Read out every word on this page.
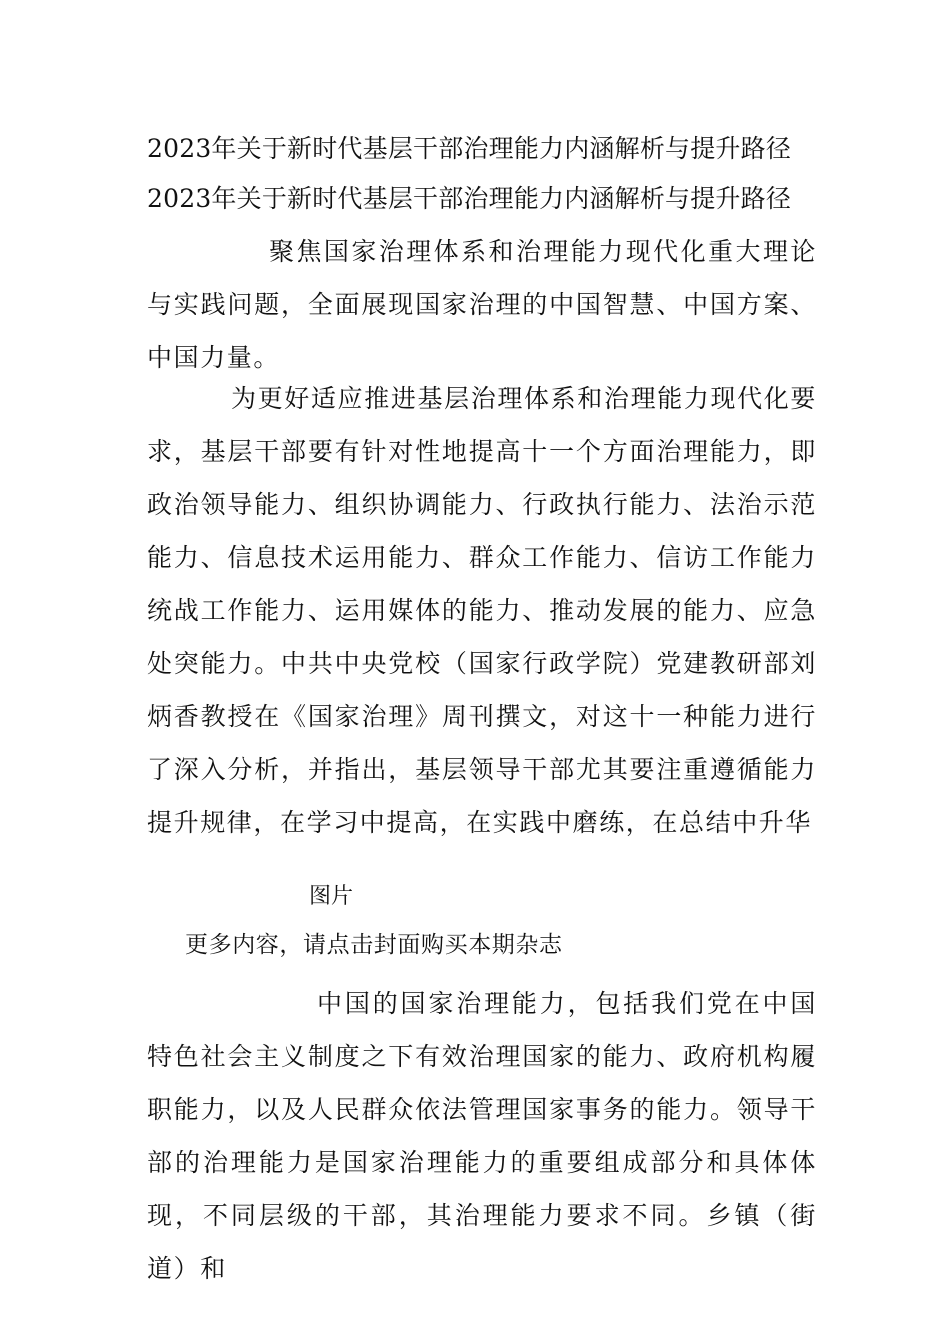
2023年关于新时代基层干部治理能力内涵解析与提升路径
2023年关于新时代基层干部治理能力内涵解析与提升路径

聚焦国家治理体系和治理能力现代化重大理论与实践问题，全面展现国家治理的中国智慧、中国方案、中国力量。

为更好适应推进基层治理体系和治理能力现代化要求，基层干部要有针对性地提高十一个方面治理能力，即政治领导能力、组织协调能力、行政执行能力、法治示范能力、信息技术运用能力、群众工作能力、信访工作能力统战工作能力、运用媒体的能力、推动发展的能力、应急处突能力。中共中央党校（国家行政学院）党建教研部刘炳香教授在《国家治理》周刊撰文，对这十一种能力进行了深入分析，并指出，基层领导干部尤其要注重遵循能力提升规律，在学习中提高，在实践中磨练，在总结中升华

图片
更多内容，请点击封面购买本期杂志

中国的国家治理能力，包括我们党在中国特色社会主义制度之下有效治理国家的能力、政府机构履职能力，以及人民群众依法管理国家事务的能力。领导干部的治理能力是国家治理能力的重要组成部分和具体体现，不同层级的干部，其治理能力要求不同。乡镇（街道）和
